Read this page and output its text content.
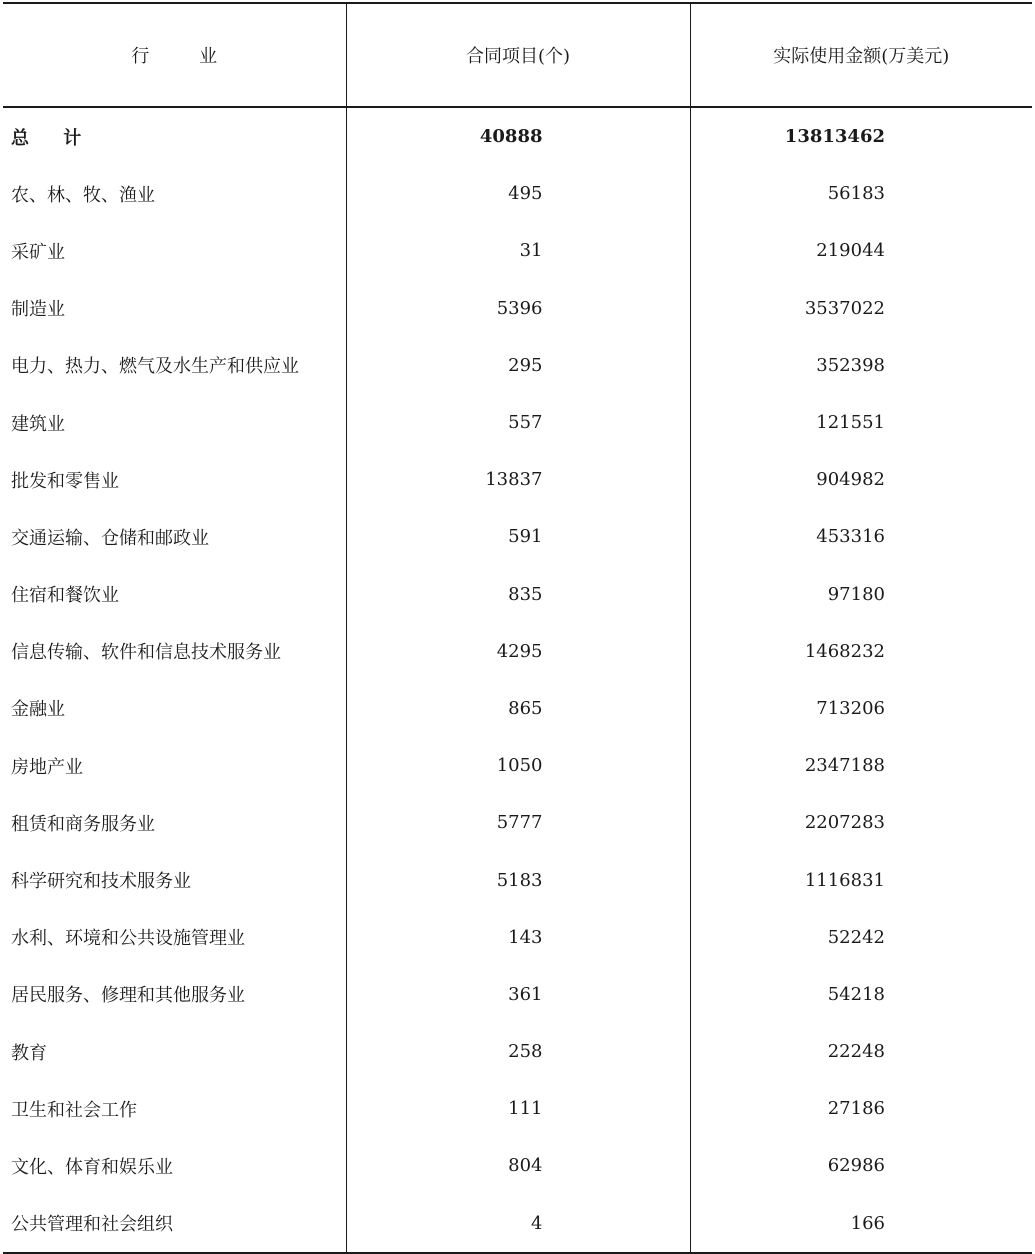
行 业	合同项目(个)	实际使用金额(万美元)
总 计	40888	13813462
农、林、牧、渔业	495	56183
采矿业	31	219044
制造业	5396	3537022
电力、热力、燃气及水生产和供应业	295	352398
建筑业	557	121551
批发和零售业	13837	904982
交通运输、仓储和邮政业	591	453316
住宿和餐饮业	835	97180
信息传输、软件和信息技术服务业	4295	1468232
金融业	865	713206
房地产业	1050	2347188
租赁和商务服务业	5777	2207283
科学研究和技术服务业	5183	1116831
水利、环境和公共设施管理业	143	52242
居民服务、修理和其他服务业	361	54218
教育	258	22248
卫生和社会工作	111	27186
文化、体育和娱乐业	804	62986
公共管理和社会组织	4	166
